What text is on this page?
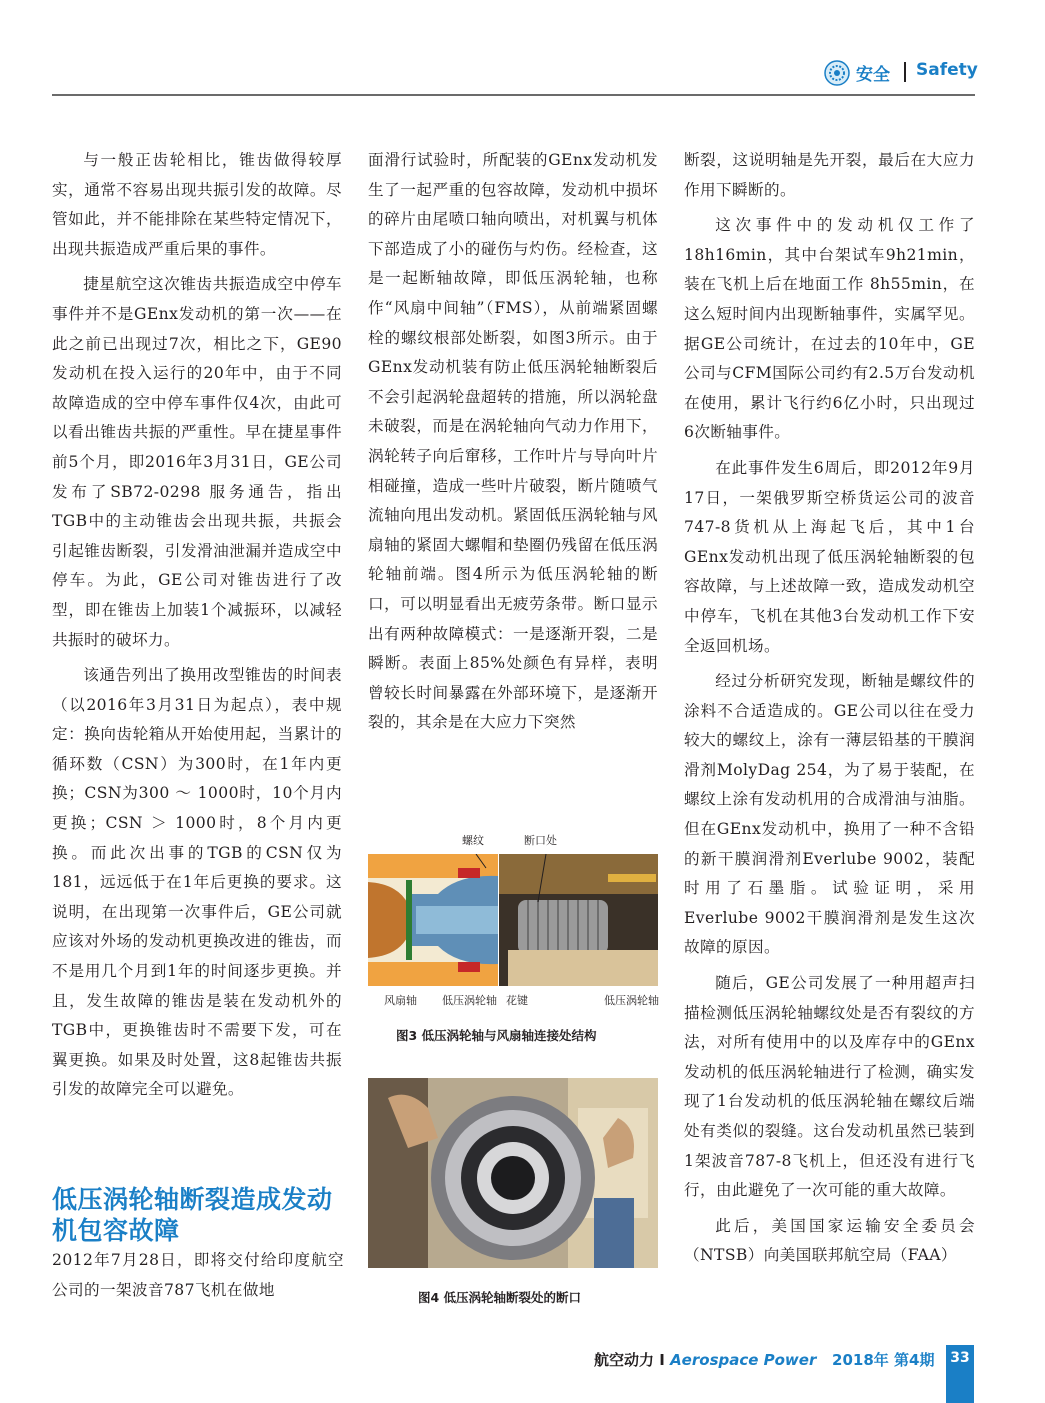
安全 Safety

与一般正齿轮相比，锥齿做得较厚实，通常不容易出现共振引发的故障。尽管如此，并不能排除在某些特定情况下，出现共振造成严重后果的事件。

捷星航空这次锥齿共振造成空中停车事件并不是GEnx发动机的第一次——在此之前已出现过7次，相比之下，GE90发动机在投入运行的20年中，由于不同故障造成的空中停车事件仅4次，由此可以看出锥齿共振的严重性。早在捷星事件前5个月，即2016年3月31日，GE公司发布了SB72-0298 服务通告，指出TGB中的主动锥齿会出现共振，共振会引起锥齿断裂，引发滑油泄漏并造成空中停车。为此，GE公司对锥齿进行了改型，即在锥齿上加装1个减振环，以减轻共振时的破坏力。

该通告列出了换用改型锥齿的时间表（以2016年3月31日为起点），表中规定：换向齿轮箱从开始使用起，当累计的循环数（CSN）为300时，在1年内更换；CSN为300 ～ 1000时，10个月内更换；CSN ＞ 1000时，8个月内更换。而此次出事的TGB的CSN仅为181，远远低于在1年后更换的要求。这说明，在出现第一次事件后，GE公司就应该对外场的发动机更换改进的锥齿，而不是用几个月到1年的时间逐步更换。并且，发生故障的锥齿是装在发动机外的TGB中，更换锥齿时不需要下发，可在翼更换。如果及时处置，这8起锥齿共振引发的故障完全可以避免。

低压涡轮轴断裂造成发动机包容故障

2012年7月28日，即将交付给印度航空公司的一架波音787飞机在做地

面滑行试验时，所配装的GEnx发动机发生了一起严重的包容故障，发动机中损坏的碎片由尾喷口轴向喷出，对机翼与机体下部造成了小的碰伤与灼伤。经检查，这是一起断轴故障，即低压涡轮轴，也称作“风扇中间轴”（FMS），从前端紧固螺栓的螺纹根部处断裂，如图3所示。由于GEnx发动机装有防止低压涡轮轴断裂后不会引起涡轮盘超转的措施，所以涡轮盘未破裂，而是在涡轮轴向气动力作用下，涡轮转子向后窜移，工作叶片与导向叶片相碰撞，造成一些叶片破裂，断片随喷气流轴向甩出发动机。紧固低压涡轮轴与风扇轴的紧固大螺帽和垫圈仍残留在低压涡轮轴前端。图4所示为低压涡轮轴的断口，可以明显看出无疲劳条带。断口显示出有两种故障模式：一是逐渐开裂，二是瞬断。表面上85%处颜色有异样，表明曾较长时间暴露在外部环境下，是逐渐开裂的，其余是在大应力下突然

螺纹	断口处
风扇轴 低压涡轮轴 花键	低压涡轮轴
图3 低压涡轮轴与风扇轴连接处结构
图4 低压涡轮轴断裂处的断口

断裂，这说明轴是先开裂，最后在大应力作用下瞬断的。

这次事件中的发动机仅工作了18h16min，其中台架试车9h21min，装在飞机上后在地面工作 8h55min，在这么短时间内出现断轴事件，实属罕见。据GE公司统计，在过去的10年中，GE公司与CFM国际公司约有2.5万台发动机在使用，累计飞行约6亿小时，只出现过6次断轴事件。

在此事件发生6周后，即2012年9月17日，一架俄罗斯空桥货运公司的波音747-8货机从上海起飞后，其中1台GEnx发动机出现了低压涡轮轴断裂的包容故障，与上述故障一致，造成发动机空中停车，飞机在其他3台发动机工作下安全返回机场。

经过分析研究发现，断轴是螺纹件的涂料不合适造成的。GE公司以往在受力较大的螺纹上，涂有一薄层铅基的干膜润滑剂MolyDag 254，为了易于装配，在螺纹上涂有发动机用的合成滑油与油脂。但在GEnx发动机中，换用了一种不含铅的新干膜润滑剂Everlube 9002，装配时用了石墨脂。试验证明，采用Everlube 9002干膜润滑剂是发生这次故障的原因。

随后，GE公司发展了一种用超声扫描检测低压涡轮轴螺纹处是否有裂纹的方法，对所有使用中的以及库存中的GEnx发动机的低压涡轮轴进行了检测，确实发现了1台发动机的低压涡轮轴在螺纹后端处有类似的裂缝。这台发动机虽然已装到1架波音787-8飞机上，但还没有进行飞行，由此避免了一次可能的重大故障。

此后，美国国家运输安全委员会（NTSB）向美国联邦航空局（FAA）

航空动力 I Aerospace Power 2018年 第4期	33
